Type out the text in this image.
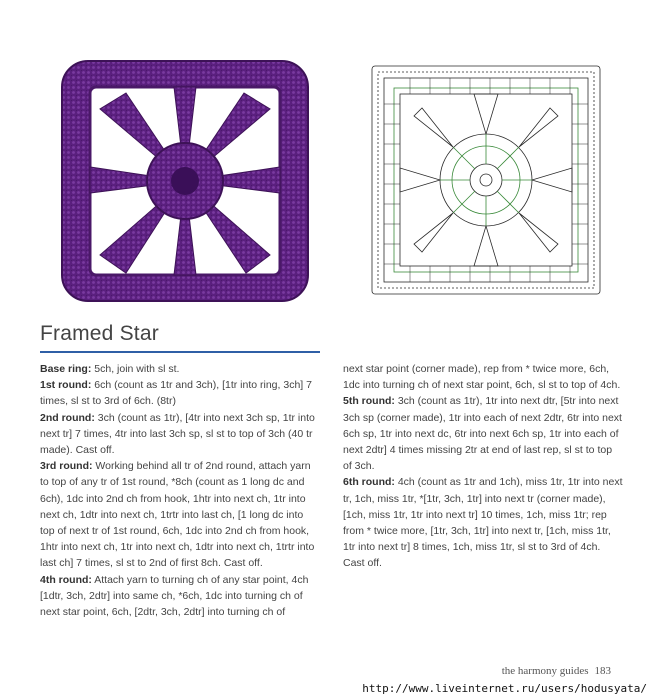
Framed Star

Base ring: 5ch, join with sl st.

1st round: 6ch (count as 1tr and 3ch), [1tr into ring, 3ch] 7 times, sl st to 3rd of 6ch. (8tr)

2nd round: 3ch (count as 1tr), [4tr into next 3ch sp, 1tr into next tr] 7 times, 4tr into last 3ch sp, sl st to top of 3ch (40 tr made). Cast off.

3rd round: Working behind all tr of 2nd round, attach yarn to top of any tr of 1st round, *8ch (count as 1 long dc and 6ch), 1dc into 2nd ch from hook, 1htr into next ch, 1tr into next ch, 1dtr into next ch, 1trtr into last ch, [1 long dc into top of next tr of 1st round, 6ch, 1dc into 2nd ch from hook, 1htr into next ch, 1tr into next ch, 1dtr into next ch, 1trtr into last ch] 7 times, sl st to 2nd of first 8ch. Cast off.

4th round: Attach yarn to turning ch of any star point, 4ch [1dtr, 3ch, 2dtr] into same ch, *6ch, 1dc into turning ch of next star point, 6ch, [2dtr, 3ch, 2dtr] into turning ch of

next star point (corner made), rep from * twice more, 6ch, 1dc into turning ch of next star point, 6ch, sl st to top of 4ch.

5th round: 3ch (count as 1tr), 1tr into next dtr, [5tr into next 3ch sp (corner made), 1tr into each of next 2dtr, 6tr into next 6ch sp, 1tr into next dc, 6tr into next 6ch sp, 1tr into each of next 2dtr] 4 times missing 2tr at end of last rep, sl st to top of 3ch.

6th round: 4ch (count as 1tr and 1ch), miss 1tr, 1tr into next tr, 1ch, miss 1tr, *[1tr, 3ch, 1tr] into next tr (corner made), [1ch, miss 1tr, 1tr into next tr] 10 times, 1ch, miss 1tr; rep from * twice more, [1tr, 3ch, 1tr] into next tr, [1ch, miss 1tr, 1tr into next tr] 8 times, 1ch, miss 1tr, sl st to 3rd of 4ch.

Cast off.

the harmony guides 183
http://www.liveinternet.ru/users/hodusyata/
